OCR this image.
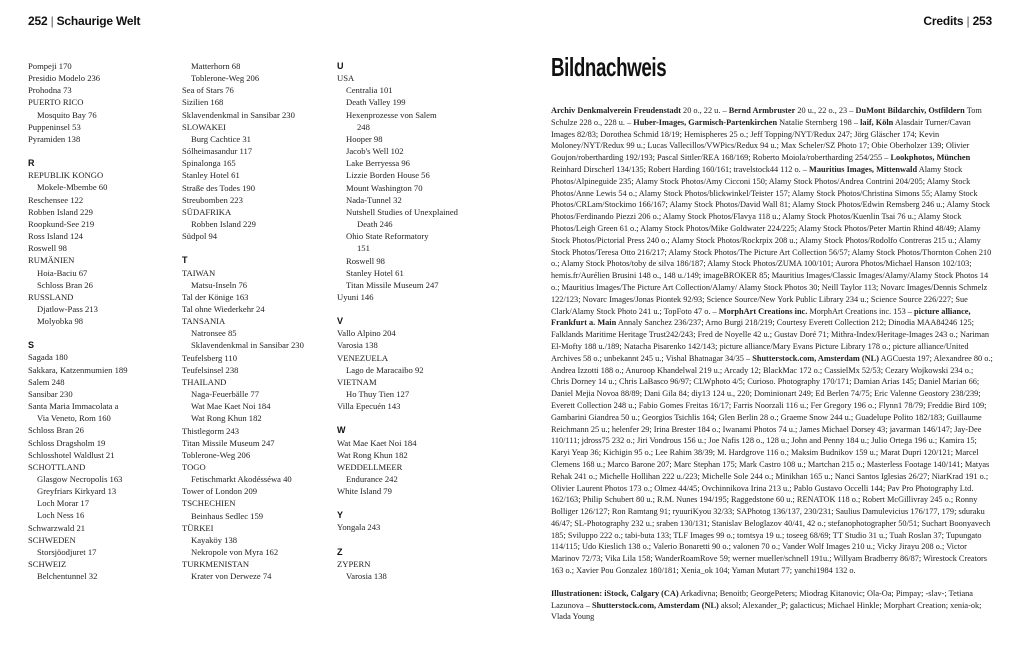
252 | Schaurige Welt	Credits | 253
Pompeji 170
Presidio Modelo 236
Prohodna 73
PUERTO RICO
Mosquito Bay 76
Puppeninsel 53
Pyramiden 138
R
REPUBLIK KONGO
Mokele-Mbembe 60
Reschensee 122
Robben Island 229
Roopkund-See 219
Ross Island 124
Roswell 98
RUMÄNIEN
Hoia-Baciu 67
Schloss Bran 26
RUSSLAND
Djatlow-Pass 213
Molyobka 98
S
Sagada 180
Sakkara, Katzenmumien 189
Salem 248
Sansibar 230
Santa Maria Immacolata a
Via Veneto, Rom 160
Schloss Bran 26
Schloss Dragsholm 19
Schlosshotel Waldlust 21
SCHOTTLAND
Glasgow Necropolis 163
Greyfriars Kirkyard 13
Loch Morar 17
Loch Ness 16
Schwarzwald 21
SCHWEDEN
Storsjöodjuret 17
SCHWEIZ
Belchentunnel 32
Matterhorn 68
Toblerone-Weg 206
Sea of Stars 76
Sizilien 168
Sklavendenkmal in Sansibar 230
SLOWAKEI
Burg Cachtice 31
Sólheimasandur 117
Spinalonga 165
Stanley Hotel 61
Straße des Todes 190
Streubomben 223
SÜDAFRIKA
Robben Island 229
Südpol 94
T
TAIWAN
Matsu-Inseln 76
Tal der Könige 163
Tal ohne Wiederkehr 24
TANSANIA
Natronsee 85
Sklavendenkmal in Sansibar 230
Teufelsberg 110
Teufelsinsel 238
THAILAND
Naga-Feuerbälle 77
Wat Mae Kaet Noi 184
Wat Rong Khun 182
Thistlegorm 243
Titan Missile Museum 247
Toblerone-Weg 206
TOGO
Fetischmarkt Akodésséwa 40
Tower of London 209
TSCHECHIEN
Beinhaus Sedlec 159
TÜRKEI
Kayaköy 138
Nekropole von Myra 162
TURKMENISTAN
Krater von Derweze 74
U
USA
Centralia 101
Death Valley 199
Hexenprozesse von Salem
248
Hooper 98
Jacob's Well 102
Lake Berryessa 96
Lizzie Borden House 56
Mount Washington 70
Nada-Tunnel 32
Nutshell Studies of Unexplained
Death 246
Ohio State Reformatory
151
Roswell 98
Stanley Hotel 61
Titan Missile Museum 247
Uyuni 146
V
Vallo Alpino 204
Varosia 138
VENEZUELA
Lago de Maracaibo 92
VIETNAM
Ho Thuy Tien 127
Villa Epecuén 143
W
Wat Mae Kaet Noi 184
Wat Rong Khun 182
WEDDELLMEER
Endurance 242
White Island 79
Y
Yongala 243
Z
ZYPERN
Varosia 138
Bildnachweis

Archiv Denkmalverein Freudenstadt 20 o., 22 u. – Bernd Armbruster 20 u., 22 o., 23 – DuMont Bildarchiv, Ostfildern Tom Schulze 228 o., 228 u. – Huber-Images, Garmisch-Partenkirchen Natalie Sternberg 198 – laif, Köln Alasdair Turner/Cavan Images 82/83; Dorothea Schmid 18/19; Hemispheres 25 o.; Jeff Topping/NYT/Redux 247; Jörg Gläscher 174; Kevin Moloney/NYT/Redux 99 u.; Lucas Vallecillos/VWPics/Redux 94 u.; Max Scheler/SZ Photo 17; Obie Oberholzer 139; Olivier Goujon/robertharding 192/193; Pascal Sittler/REA 168/169; Roberto Moiola/robertharding 254/255 – Lookphotos, München Reinhard Dirscherl 134/135; Robert Harding 160/161; travelstock44 112 o. – Mauritius Images, Mittenwald Alamy Stock Photos/Alpineguide 235; Alamy Stock Photos/Amy Cicconi 150; Alamy Stock Photos/Andrea Contrini 204/205; Alamy Stock Photos/Anne Lewis 54 o.; Alamy Stock Photos/blickwinkel/Teister 157; Alamy Stock Photos/Christina Simons 55; Alamy Stock Photos/CRLam/Stockimo 166/167; Alamy Stock Photos/David Wall 81; Alamy Stock Photos/Edwin Remsberg 246 u.; Alamy Stock Photos/Ferdinando Piezzi 206 o.; Alamy Stock Photos/Flavya 118 u.; Alamy Stock Photos/Kuenlin Tsai 76 u.; Alamy Stock Photos/Leigh Green 61 o.; Alamy Stock Photos/Mike Goldwater 224/225; Alamy Stock Photos/Peter Martin Rhind 48/49; Alamy Stock Photos/Pictorial Press 240 o.; Alamy Stock Photos/Rockrpix 208 u.; Alamy Stock Photos/Rodolfo Contreras 215 u.; Alamy Stock Photos/Teresa Otto 216/217; Alamy Stock Photos/The Picture Art Collection 56/57; Alamy Stock Photos/Thornton Cohen 210 o.; Alamy Stock Photos/toby de silva 186/187; Alamy Stock Photos/ZUMA 100/101; Aurora Photos/Michael Hanson 102/103; hemis.fr/Aurélien Brusini 148 o., 148 u./149; imageBROKER 85; Mauritius Images/Classic Images/Alamy/Alamy Stock Photos 14 o.; Mauritius Images/The Picture Art Collection/Alamy/ Alamy Stock Photos 30; Neill Taylor 113; Novarc Images/Dennis Schmelz 122/123; Novarc Images/Jonas Piontek 92/93; Science Source/New York Public Library 234 u.; Science Source 226/227; Sue Clark/Alamy Stock Photo 241 u.; TopFoto 47 o. – MorphArt Creations inc. MorphArt Creations inc. 153 – picture alliance, Frankfurt a. Main Annaly Sanchez 236/237; Arno Burgi 218/219; Courtesy Everett Collection 212; Dinodia MAA84246 125; Falklands Maritime Heritage Trust242/243; Fred de Noyelle 42 u.; Gustav Doré 71; Mithra-Index/Heritage-Images 243 o.; Nariman El-Mofty 188 u./189; Natacha Pisarenko 142/143; picture alliance/Mary Evans Picture Library 178 o.; picture alliance/United Archives 58 o.; unbekannt 245 u.; Vishal Bhatnagar 34/35 – Shutterstock.com, Amsterdam (NL) AGCuesta 197; Alexandree 80 o.; Andrea Izzotti 188 o.; Anuroop Khandelwal 219 u.; Arcady 12; BlackMac 172 o.; CassielMx 52/53; Cezary Wojkowski 234 o.; Chris Dorney 14 u.; Chris LaBasco 96/97; CLWphoto 4/5; Curioso. Photography 170/171; Damian Arias 145; Daniel Marian 66; Daniel Mejia Novoa 88/89; Dani Gila 84; diy13 124 u., 220; Dominionart 249; Ed Berlen 74/75; Eric Valenne Geostory 238/239; Everett Collection 248 u.; Fabio Gomes Freitas 16/17; Farris Noorzali 116 u.; Fer Gregory 196 o.; Flynn1 78/79; Freddie Bird 109; Gambarini Giandrea 50 u.; Georgios Tsichlis 164; Glen Berlin 28 o.; Graeme Snow 244 u.; Guadelupe Polito 182/183; Guillaume Reichmann 25 u.; helenfer 29; Irina Brester 184 o.; Iwanami Photos 74 u.; James Michael Dorsey 43; javarman 146/147; Jay-Dee 110/111; jdross75 232 o.; Jiri Vondrous 156 u.; Joe Nafis 128 o., 128 u.; John and Penny 184 u.; Julio Ortega 196 u.; Kamira 15; Karyi Yeap 36; Kichigin 95 o.; Lee Rahim 38/39; M. Hardgrove 116 o.; Maksim Budnikov 159 u.; Marat Dupri 120/121; Marcel Clemens 168 u.; Marco Barone 207; Marc Stephan 175; Mark Castro 108 u.; Martchan 215 o.; Masterless Footage 140/141; Matyas Rehak 241 o.; Michelle Hollihan 222 u./223; Michelle Sole 244 o.; Minikhan 165 u.; Nanci Santos Iglesias 26/27; NiarKrad 191 o.; Olivier Laurent Photos 173 o.; Olmez 44/45; Ovchinnikova Irina 213 u.; Pablo Gustavo Occelli 144; Pav Pro Photography Ltd. 162/163; Philip Schubert 80 u.; R.M. Nunes 194/195; Raggedstone 60 u.; RENATOK 118 o.; Robert McGillivray 245 o.; Ronny Bolliger 126/127; Ron Ramtang 91; ryuuriKyou 32/33; SAPhotog 136/137, 230/231; Saulius Damulevicius 176/177, 179; sduraku 46/47; SL-Photography 232 u.; sraben 130/131; Stanislav Beloglazov 40/41, 42 o.; stefanophotographer 50/51; Suchart Boonyavech 185; Sviluppo 222 o.; tabi-buta 133; TLF Images 99 o.; tomtsya 19 u.; toseeg 68/69; TT Studio 31 u.; Tuah Roslan 37; Tupungato 114/115; Udo Kieslich 138 o.; Valerio Bonaretti 90 o.; valonen 70 o.; Vander Wolf Images 210 u.; Vicky Jirayu 208 o.; Victor Marinov 72/73; Vika Lila 158; WanderRoamRove 59; werner mueller/schnell 191u.; Willyam Bradberry 86/87; Wirestock Creators 163 o.; Xavier Pou Gonzalez 180/181; Xenia_ok 104; Yaman Mutart 77; yanchi1984 132 o.

Illustrationen: iStock, Calgary (CA) Arkadivna; Benoitb; GeorgePeters; Miodrag Kitanovic; Ola-Oa; Pimpay; -slav-; Tetiana Lazunova – Shutterstock.com, Amsterdam (NL) aksol; Alexander_P; galacticus; Michael Hinkle; Morphart Creation; xenia-ok; Vlada Young
